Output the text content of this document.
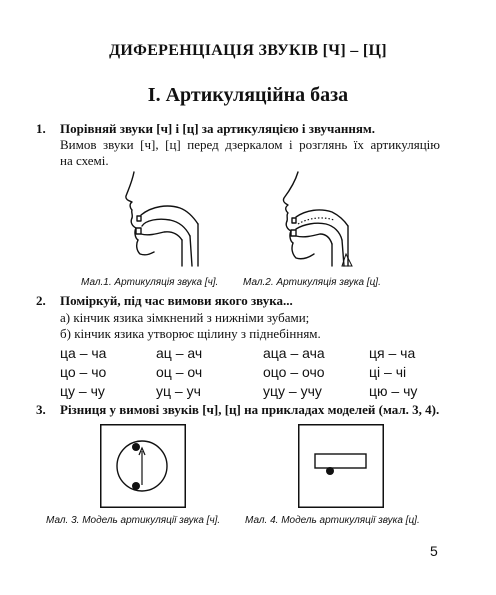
ДИФЕРЕНЦІАЦІЯ ЗВУКІВ [Ч] – [Ц]
І. Артикуляційна база
1. Порівняй звуки [ч] і [ц] за артикуляцією і звучанням.
Вимов звуки [ч], [ц] перед дзеркалом і розглянь їх артикуляцію
на схемі.
Мал.1. Артикуляція звука [ч]. Мал.2. Артикуляція звука [ц].
2. Поміркуй, під час вимови якого звука...
а) кінчик язика зімкнений з нижніми зубами;
б) кінчик язика утворює щілину з піднебінням.
ца – ча	ац – ач	аца – ача	ця – ча
цо – чо	оц – оч	оцо – очо	ці – чі
цу – чу	уц – уч	уцу – учу	цю – чу
3. Різниця у вимові звуків [ч], [ц] на прикладах моделей (мал. 3, 4).
Мал. 3. Модель артикуляції звука [ч]. Мал. 4. Модель артикуляції звука [ц].
5
